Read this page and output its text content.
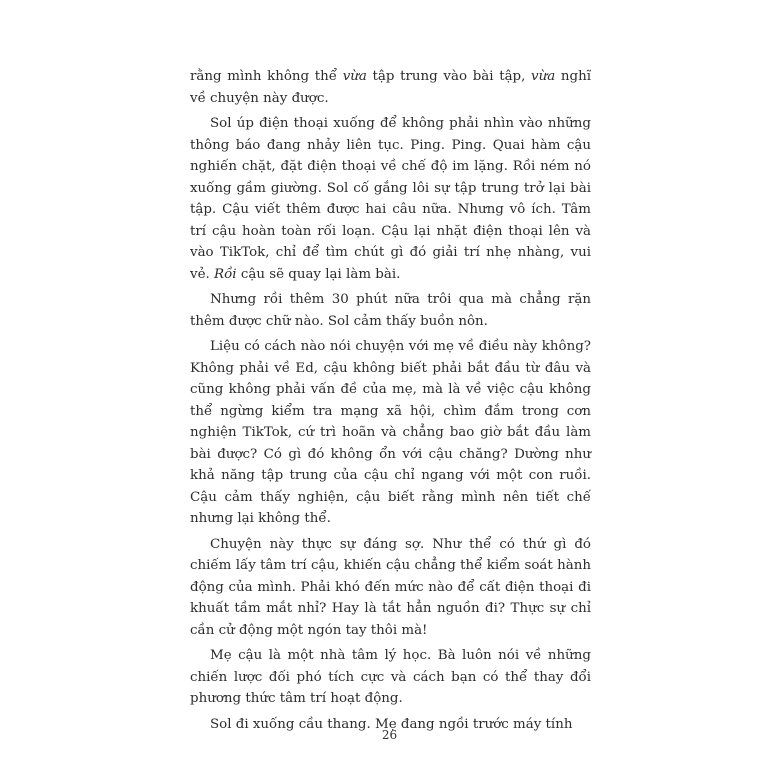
rằng mình không thể vừa tập trung vào bài tập, vừa nghĩ về chuyện này được.

Sol úp điện thoại xuống để không phải nhìn vào những thông báo đang nhảy liên tục. Ping. Ping. Quai hàm cậu nghiến chặt, đặt điện thoại về chế độ im lặng. Rồi ném nó xuống gầm giường. Sol cố gắng lôi sự tập trung trở lại bài tập. Cậu viết thêm được hai câu nữa. Nhưng vô ích. Tâm trí cậu hoàn toàn rối loạn. Cậu lại nhặt điện thoại lên và vào TikTok, chỉ để tìm chút gì đó giải trí nhẹ nhàng, vui vẻ. Rồi cậu sẽ quay lại làm bài.

Nhưng rồi thêm 30 phút nữa trôi qua mà chẳng rặn thêm được chữ nào. Sol cảm thấy buồn nôn.

Liệu có cách nào nói chuyện với mẹ về điều này không? Không phải về Ed, cậu không biết phải bắt đầu từ đâu và cũng không phải vấn đề của mẹ, mà là về việc cậu không thể ngừng kiểm tra mạng xã hội, chìm đắm trong cơn nghiện TikTok, cứ trì hoãn và chẳng bao giờ bắt đầu làm bài được? Có gì đó không ổn với cậu chăng? Dường như khả năng tập trung của cậu chỉ ngang với một con ruồi. Cậu cảm thấy nghiện, cậu biết rằng mình nên tiết chế nhưng lại không thể.

Chuyện này thực sự đáng sợ. Như thể có thứ gì đó chiếm lấy tâm trí cậu, khiến cậu chẳng thể kiểm soát hành động của mình. Phải khó đến mức nào để cất điện thoại đi khuất tầm mắt nhỉ? Hay là tắt hẳn nguồn đi? Thực sự chỉ cần cử động một ngón tay thôi mà!

Mẹ cậu là một nhà tâm lý học. Bà luôn nói về những chiến lược đối phó tích cực và cách bạn có thể thay đổi phương thức tâm trí hoạt động.

Sol đi xuống cầu thang. Mẹ đang ngồi trước máy tính

26
